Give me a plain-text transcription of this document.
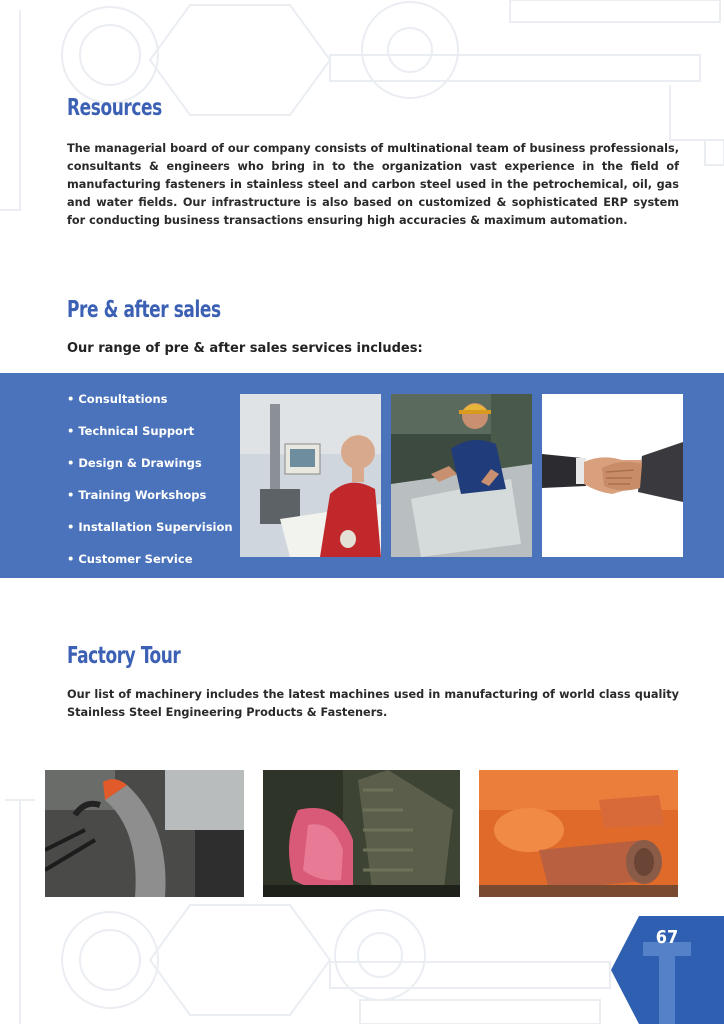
Resources

The managerial board of our company consists of multinational team of business professionals, consultants & engineers who bring in to the organization vast experience in the field of manufacturing fasteners in stainless steel and carbon steel used in the petrochemical, oil, gas and water fields. Our infrastructure is also based on customized & sophisticated ERP system for conducting business transactions ensuring high accuracies & maximum automation.

Pre & after sales

Our range of pre & after sales services includes:

• Consultations

• Technical Support

• Design & Drawings

• Training Workshops

• Installation Supervision

• Customer Service

Factory Tour

Our list of machinery includes the latest machines used in manufacturing of world class quality Stainless Steel Engineering Products & Fasteners.

67
